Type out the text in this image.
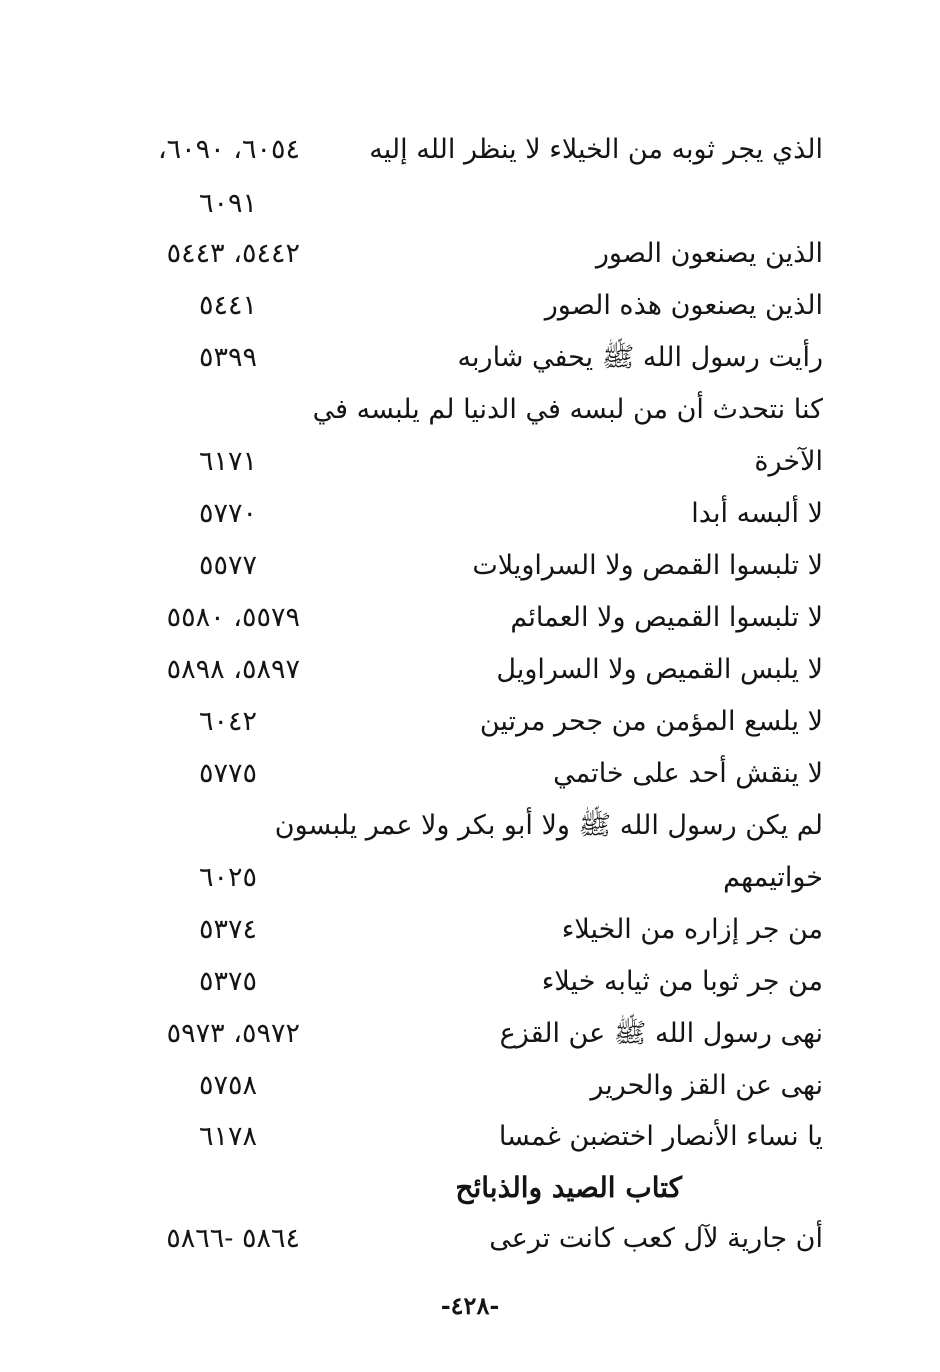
الذي يجر ثوبه من الخيلاء لا ينظر الله إليه
٦٠٥٤، ٦٠٩٠،
٦٠٩١
الذين يصنعون الصور
٥٤٤٢، ٥٤٤٣
الذين يصنعون هذه الصور
٥٤٤١
رأيت رسول الله ﷺ يحفي شاربه
٥٣٩٩
كنا نتحدث أن من لبسه في الدنيا لم يلبسه في
الآخرة
٦١٧١
لا ألبسه أبدا
٥٧٧٠
لا تلبسوا القمص ولا السراويلات
٥٥٧٧
لا تلبسوا القميص ولا العمائم
٥٥٧٩، ٥٥٨٠
لا يلبس القميص ولا السراويل
٥٨٩٧، ٥٨٩٨
لا يلسع المؤمن من جحر مرتين
٦٠٤٢
لا ينقش أحد على خاتمي
٥٧٧٥
لم يكن رسول الله ﷺ ولا أبو بكر ولا عمر يلبسون
خواتيمهم
٦٠٢٥
من جر إزاره من الخيلاء
٥٣٧٤
من جر ثوبا من ثيابه خيلاء
٥٣٧٥
نهى رسول الله ﷺ عن القزع
٥٩٧٢، ٥٩٧٣
نهى عن القز والحرير
٥٧٥٨
يا نساء الأنصار اختضبن غمسا
٦١٧٨
كتاب الصيد والذبائح
أن جارية لآل كعب كانت ترعى
٥٨٦٤ -٥٨٦٦
-٤٢٨-
